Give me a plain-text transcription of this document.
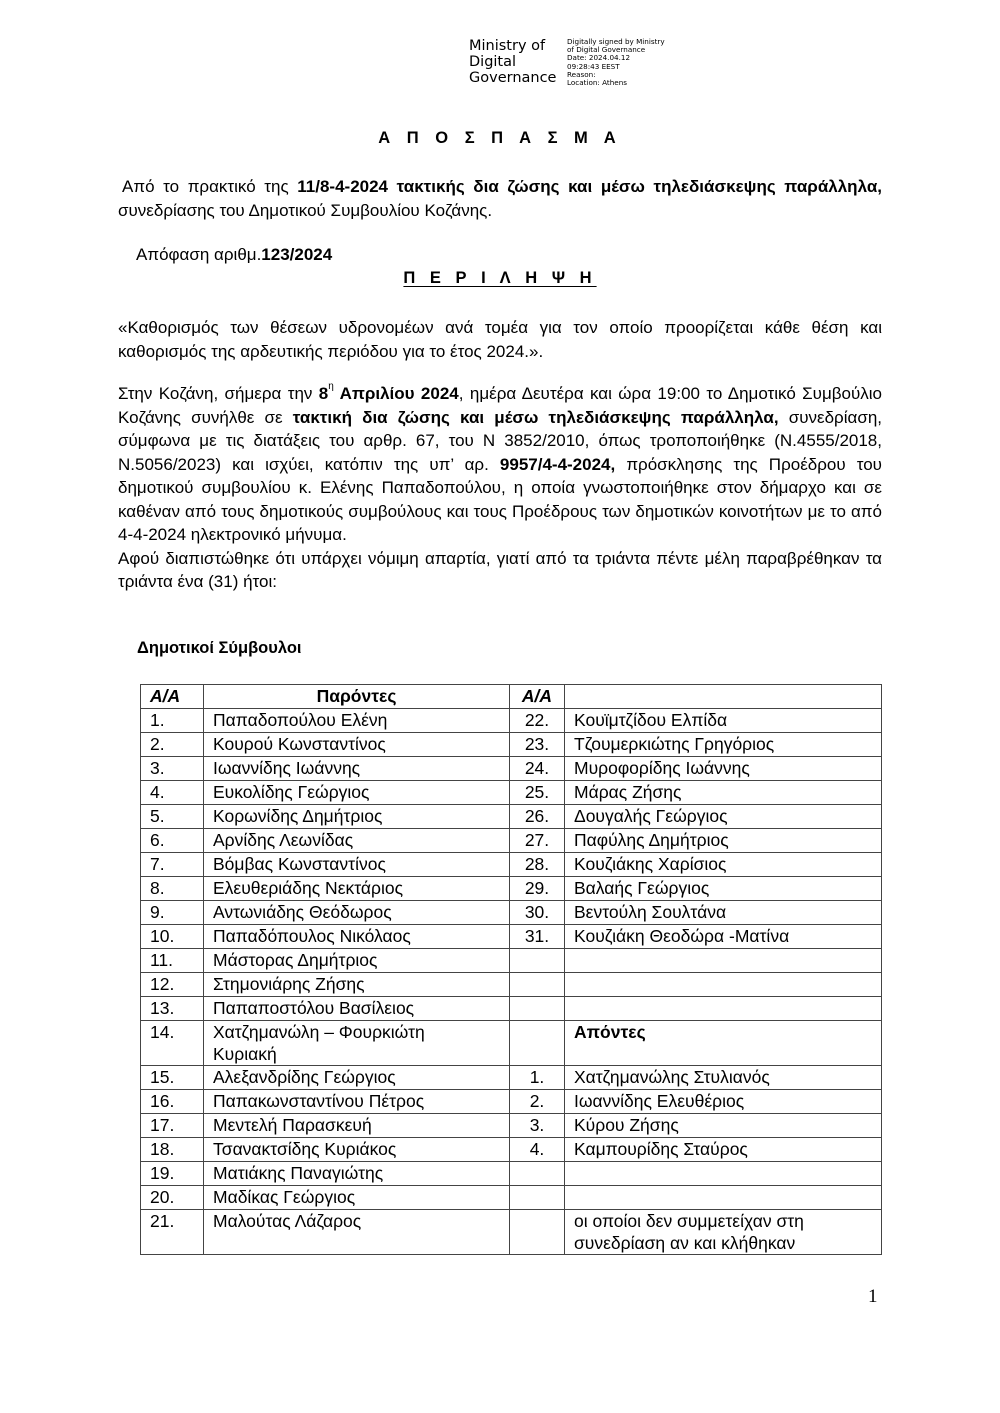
Ministry of
Digital
Governance
Digitally signed by Ministry
of Digital Governance
Date: 2024.04.12
09:28:43 EEST
Reason:
Location: Athens
Α Π Ο Σ Π Α Σ Μ Α
Από το πρακτικό της 11/8-4-2024 τακτικής δια ζώσης και μέσω τηλεδιάσκεψης παράλληλα, συνεδρίασης του Δημοτικού Συμβουλίου Κοζάνης.
Απόφαση αριθμ.123/2024
Π Ε Ρ Ι Λ Η Ψ Η
«Καθορισμός των θέσεων υδρονομέων ανά τομέα για τον οποίο προορίζεται κάθε θέση και καθορισμός της αρδευτικής περιόδου για το έτος 2024.».
Στην Κοζάνη, σήμερα την $8^\eta$ Απριλίου 2024, ημέρα Δευτέρα και ώρα 19:00 το Δημοτικό Συμβούλιο Κοζάνης συνήλθε σε τακτική δια ζώσης και μέσω τηλεδιάσκεψης παράλληλα, συνεδρίαση, σύμφωνα με τις διατάξεις του αρθρ. 67, του Ν 3852/2010, όπως τροποποιήθηκε (Ν.4555/2018, Ν.5056/2023) και ισχύει, κατόπιν της υπ’ αρ. 9957/4-4-2024, πρόσκλησης της Προέδρου του δημοτικού συμβουλίου κ. Ελένης Παπαδοπούλου, η οποία γνωστοποιήθηκε στον δήμαρχο και σε καθέναν από τους δημοτικούς συμβούλους και τους Προέδρους των δημοτικών κοινοτήτων με το από 4-4-2024 ηλεκτρονικό μήνυμα.
Αφού διαπιστώθηκε ότι υπάρχει νόμιμη απαρτία, γιατί από τα τριάντα πέντε μέλη παραβρέθηκαν τα τριάντα ένα (31) ήτοι:
Δημοτικοί Σύμβουλοι
Α/Α	Παρόντες	Α/Α	
1.	Παπαδοπούλου Ελένη	22.	Κουϊμτζίδου Ελπίδα
2.	Κουρού Κωνσταντίνος	23.	Τζουμερκιώτης Γρηγόριος
3.	Ιωαννίδης Ιωάννης	24.	Μυροφορίδης Ιωάννης
4.	Ευκολίδης Γεώργιος	25.	Μάρας Ζήσης
5.	Κορωνίδης Δημήτριος	26.	Δουγαλής Γεώργιος
6.	Αρνίδης Λεωνίδας	27.	Παφύλης Δημήτριος
7.	Βόμβας Κωνσταντίνος	28.	Κουζιάκης Χαρίσιος
8.	Ελευθεριάδης Νεκτάριος	29.	Βαλαής Γεώργιος
9.	Αντωνιάδης Θεόδωρος	30.	Βεντούλη Σουλτάνα
10.	Παπαδόπουλος Νικόλαος	31.	Κουζιάκη Θεοδώρα -Ματίνα
11.	Μάστορας Δημήτριος		
12.	Στημονιάρης Ζήσης		
13.	Παπαποστόλου Βασίλειος		
14.	Χατζημανώλη – Φουρκιώτη
Κυριακή		Απόντες
15.	Αλεξανδρίδης Γεώργιος	1.	Χατζημανώλης Στυλιανός
16.	Παπακωνσταντίνου Πέτρος	2.	Ιωαννίδης Ελευθέριος
17.	Μεντελή Παρασκευή	3.	Κύρου Ζήσης
18.	Τσανακτσίδης Κυριάκος	4.	Καμπουρίδης Σταύρος
19.	Ματιάκης Παναγιώτης		
20.	Μαδίκας Γεώργιος		
21.	Μαλούτας Λάζαρος		οι οποίοι δεν συμμετείχαν στη
συνεδρίαση αν και κλήθηκαν
1
